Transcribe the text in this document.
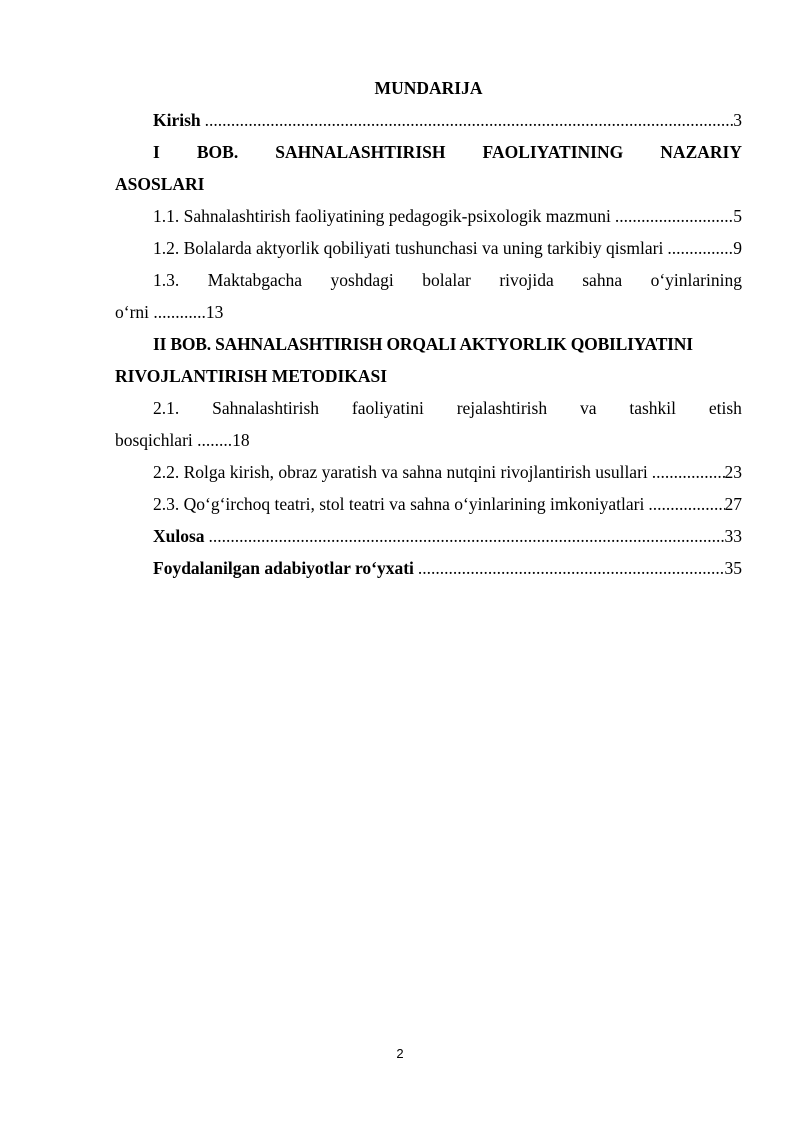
MUNDARIJA
Kirish .....	3
I BOB. SAHNALASHTIRISH FAOLIYATINING NAZARIY
ASOSLARI
1.1. Sahnalashtirish faoliyatining pedagogik-psixologik mazmuni .....	5
1.2. Bolalarda aktyorlik qobiliyati tushunchasi va uning tarkibiy qismlari .....	9
1.3. Maktabgacha yoshdagi bolalar rivojida sahna o‘yinlarining
o‘rni ............13
II BOB. SAHNALASHTIRISH ORQALI AKTYORLIK QOBILIYATINI
RIVOJLANTIRISH METODIKASI
2.1. Sahnalashtirish faoliyatini rejalashtirish va tashkil etish
bosqichlari ........18
2.2. Rolga kirish, obraz yaratish va sahna nutqini rivojlantirish usullari .....	23
2.3. Qo‘g‘irchoq teatri, stol teatri va sahna o‘yinlarining imkoniyatlari .....	27
Xulosa .....	33
Foydalanilgan adabiyotlar ro‘yxati .....	35
2
